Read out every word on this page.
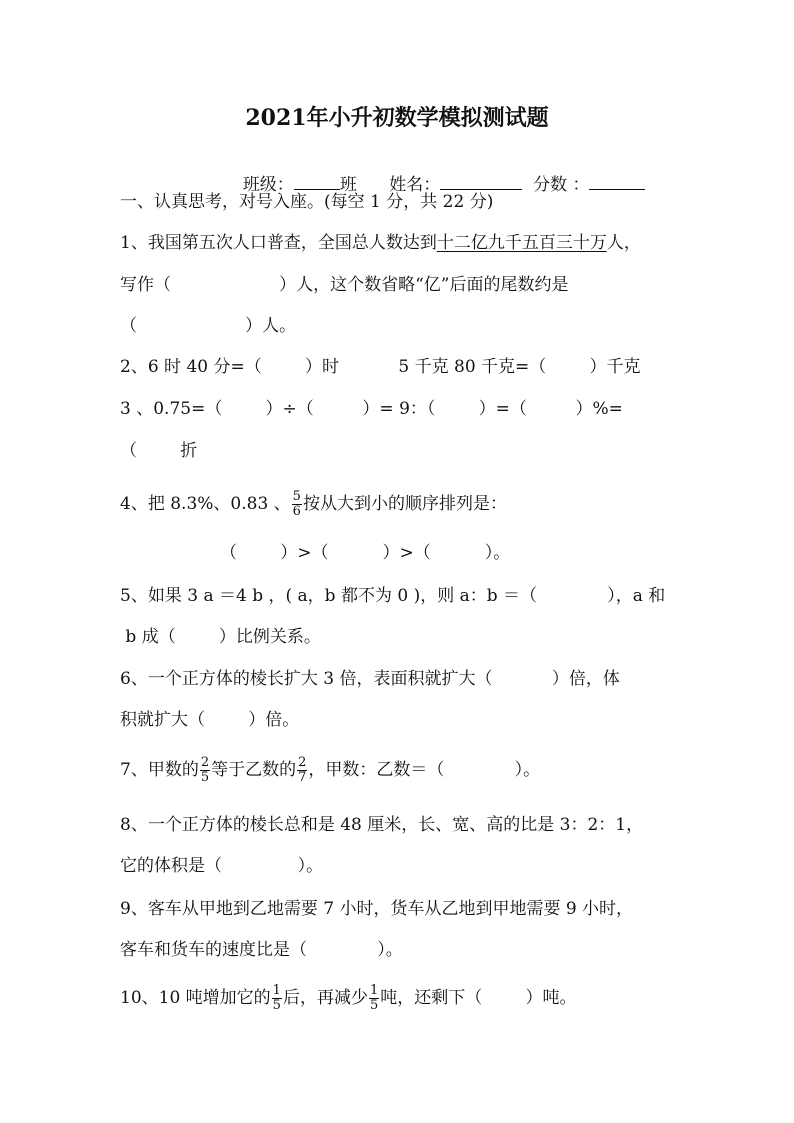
2021年小升初数学模拟测试题

班级：	班 姓名：	分数 ：

一、认真思考，对号入座。(每空 1 分，共 22 分)
1、我国第五次人口普查，全国总人数达到十二亿九千五百三十万人，
写作（                    ）人，这个数省略“亿”后面的尾数约是
（                    ）人。
2、6 时 40 分=（        ）时           5 千克 80 千克=（        ）千克
3 、0.75=（        ）÷（         ）= 9：（        ）=（         ）%=
（        折
4、把 8.3%、0.83 、 $\frac{5}{6}$ 按从大到小的顺序排列是：
（        ）>（          ）>（          ）。
5、如果 3 a ＝4 b ，( a，b 都不为 0 )，则 a：b ＝（             ），a 和
b 成（        ）比例关系。
6、一个正方体的棱长扩大 3 倍，表面积就扩大（           ）倍，体
积就扩大（        ）倍。
7、甲数的 $\frac{2}{5}$ 等于乙数的 $\frac{2}{7}$ ，甲数：乙数＝（             ）。
8、一个正方体的棱长总和是 48 厘米，长、宽、高的比是 3：2：1，
它的体积是（              ）。
9、客车从甲地到乙地需要 7 小时，货车从乙地到甲地需要 9 小时，
客车和货车的速度比是（             ）。
10、10 吨增加它的 $\frac{1}{5}$ 后，再减少 $\frac{1}{5}$ 吨，还剩下（        ）吨。
